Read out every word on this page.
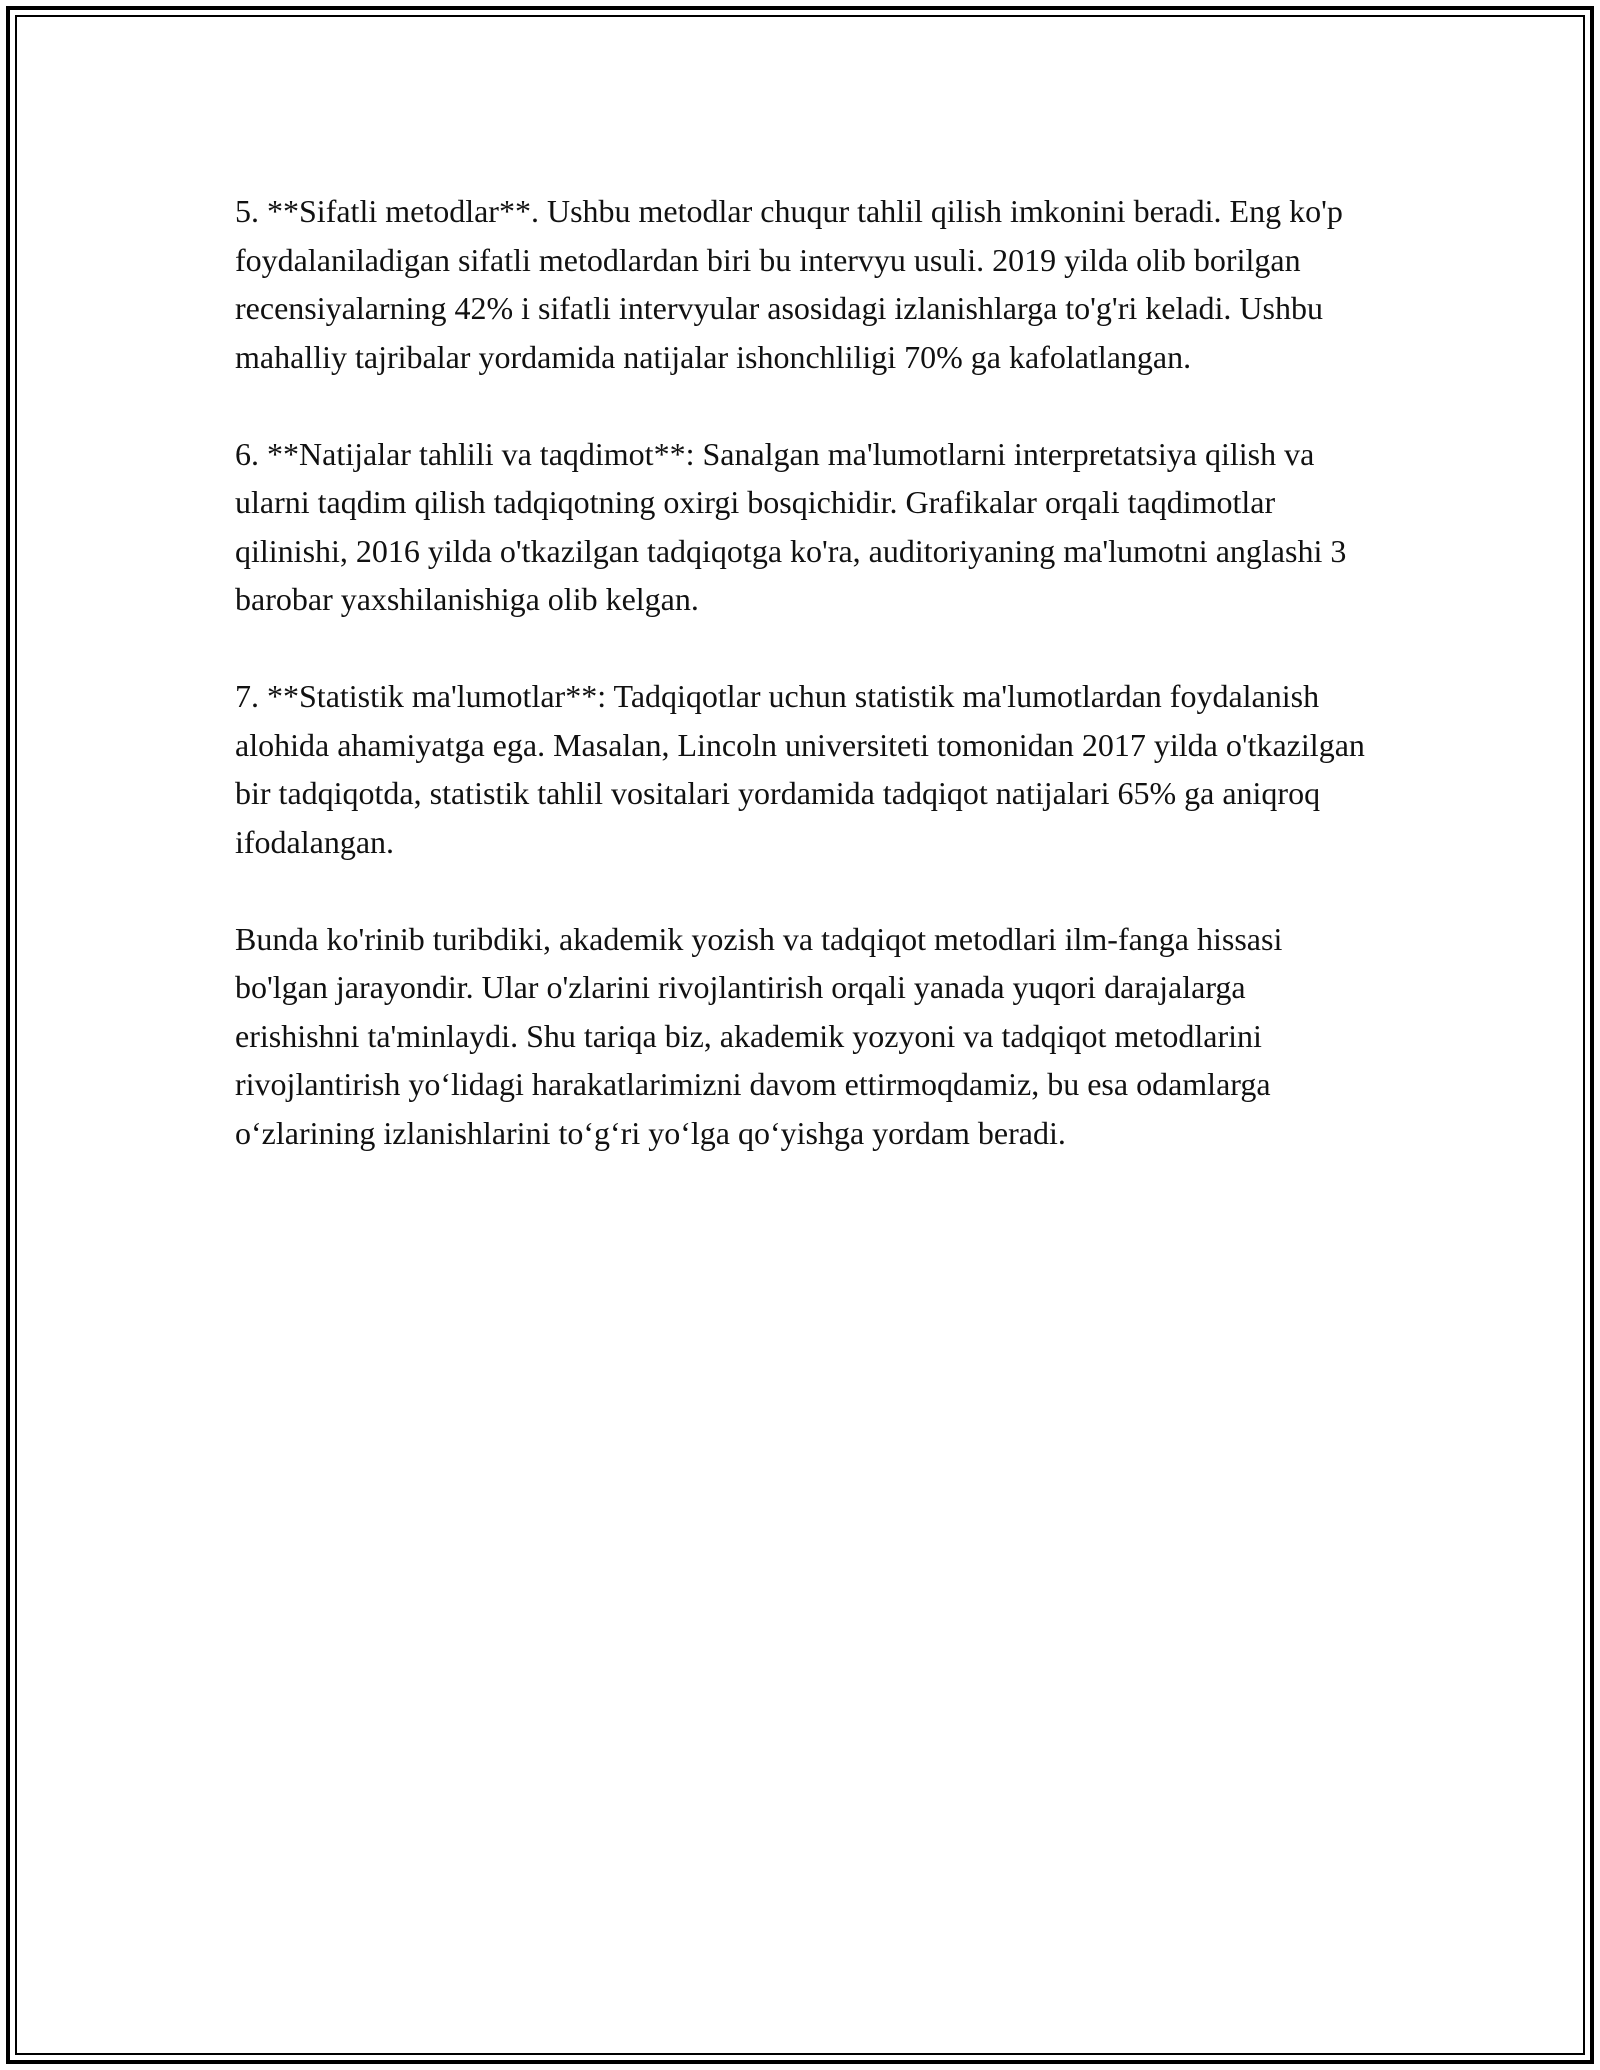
5. **Sifatli metodlar**. Ushbu metodlar chuqur tahlil qilish imkonini beradi. Eng ko'p foydalaniladigan sifatli metodlardan biri bu intervyu usuli. 2019 yilda olib borilgan recensiyalarning 42% i sifatli intervyular asosidagi izlanishlarga to'g'ri keladi. Ushbu mahalliy tajribalar yordamida natijalar ishonchliligi 70% ga kafolatlangan.

6. **Natijalar tahlili va taqdimot**: Sanalgan ma'lumotlarni interpretatsiya qilish va ularni taqdim qilish tadqiqotning oxirgi bosqichidir. Grafikalar orqali taqdimotlar qilinishi, 2016 yilda o'tkazilgan tadqiqotga ko'ra, auditoriyaning ma'lumotni anglashi 3 barobar yaxshilanishiga olib kelgan.

7. **Statistik ma'lumotlar**: Tadqiqotlar uchun statistik ma'lumotlardan foydalanish alohida ahamiyatga ega. Masalan, Lincoln universiteti tomonidan 2017 yilda o'tkazilgan bir tadqiqotda, statistik tahlil vositalari yordamida tadqiqot natijalari 65% ga aniqroq ifodalangan.

Bunda ko'rinib turibdiki, akademik yozish va tadqiqot metodlari ilm-fanga hissasi bo'lgan jarayondir. Ular o'zlarini rivojlantirish orqali yanada yuqori darajalarga erishishni ta'minlaydi. Shu tariqa biz, akademik yozyoni va tadqiqot metodlarini rivojlantirish yo‘lidagi harakatlarimizni davom ettirmoqdamiz, bu esa odamlarga o‘zlarining izlanishlarini to‘g‘ri yo‘lga qo‘yishga yordam beradi.
